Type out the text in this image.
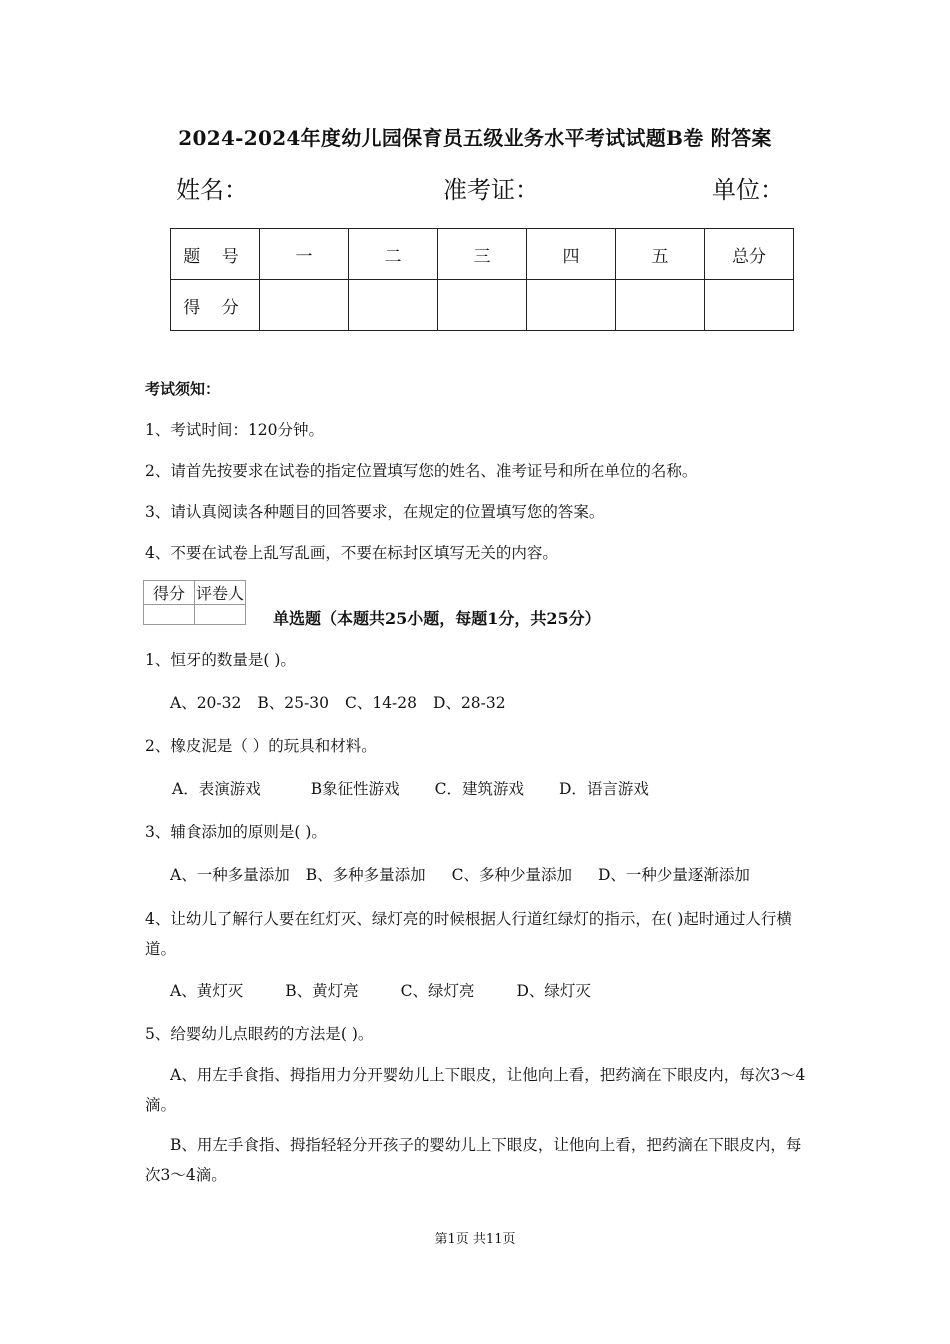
2024-2024年度幼儿园保育员五级业务水平考试试题B卷 附答案
姓名：	准考证：	单位：
题 号	一	二	三	四	五	总分
得 分						
考试须知：
1、考试时间：120分钟。
2、请首先按要求在试卷的指定位置填写您的姓名、准考证号和所在单位的名称。
3、请认真阅读各种题目的回答要求，在规定的位置填写您的答案。
4、不要在试卷上乱写乱画，不要在标封区填写无关的内容。
得分	评卷人

单选题（本题共25小题，每题1分，共25分）
1、恒牙的数量是( )。
A、20-32 B、25-30 C、14-28 D、28-32
2、橡皮泥是（ ）的玩具和材料。
A．表演游戏	B象征性游戏 C．建筑游戏 D．语言游戏
3、辅食添加的原则是( )。
A、一种多量添加 B、多种多量添加 C、多种少量添加 D、一种少量逐渐添加
4、让幼儿了解行人要在红灯灭、绿灯亮的时候根据人行道红绿灯的指示，在( )起时通过人行横道。
A、黄灯灭	B、黄灯亮	C、绿灯亮	D、绿灯灭
5、给婴幼儿点眼药的方法是( )。
A、用左手食指、拇指用力分开婴幼儿上下眼皮，让他向上看，把药滴在下眼皮内，每次3～4滴。
B、用左手食指、拇指轻轻分开孩子的婴幼儿上下眼皮，让他向上看，把药滴在下眼皮内，每次3～4滴。
第1页 共11页
